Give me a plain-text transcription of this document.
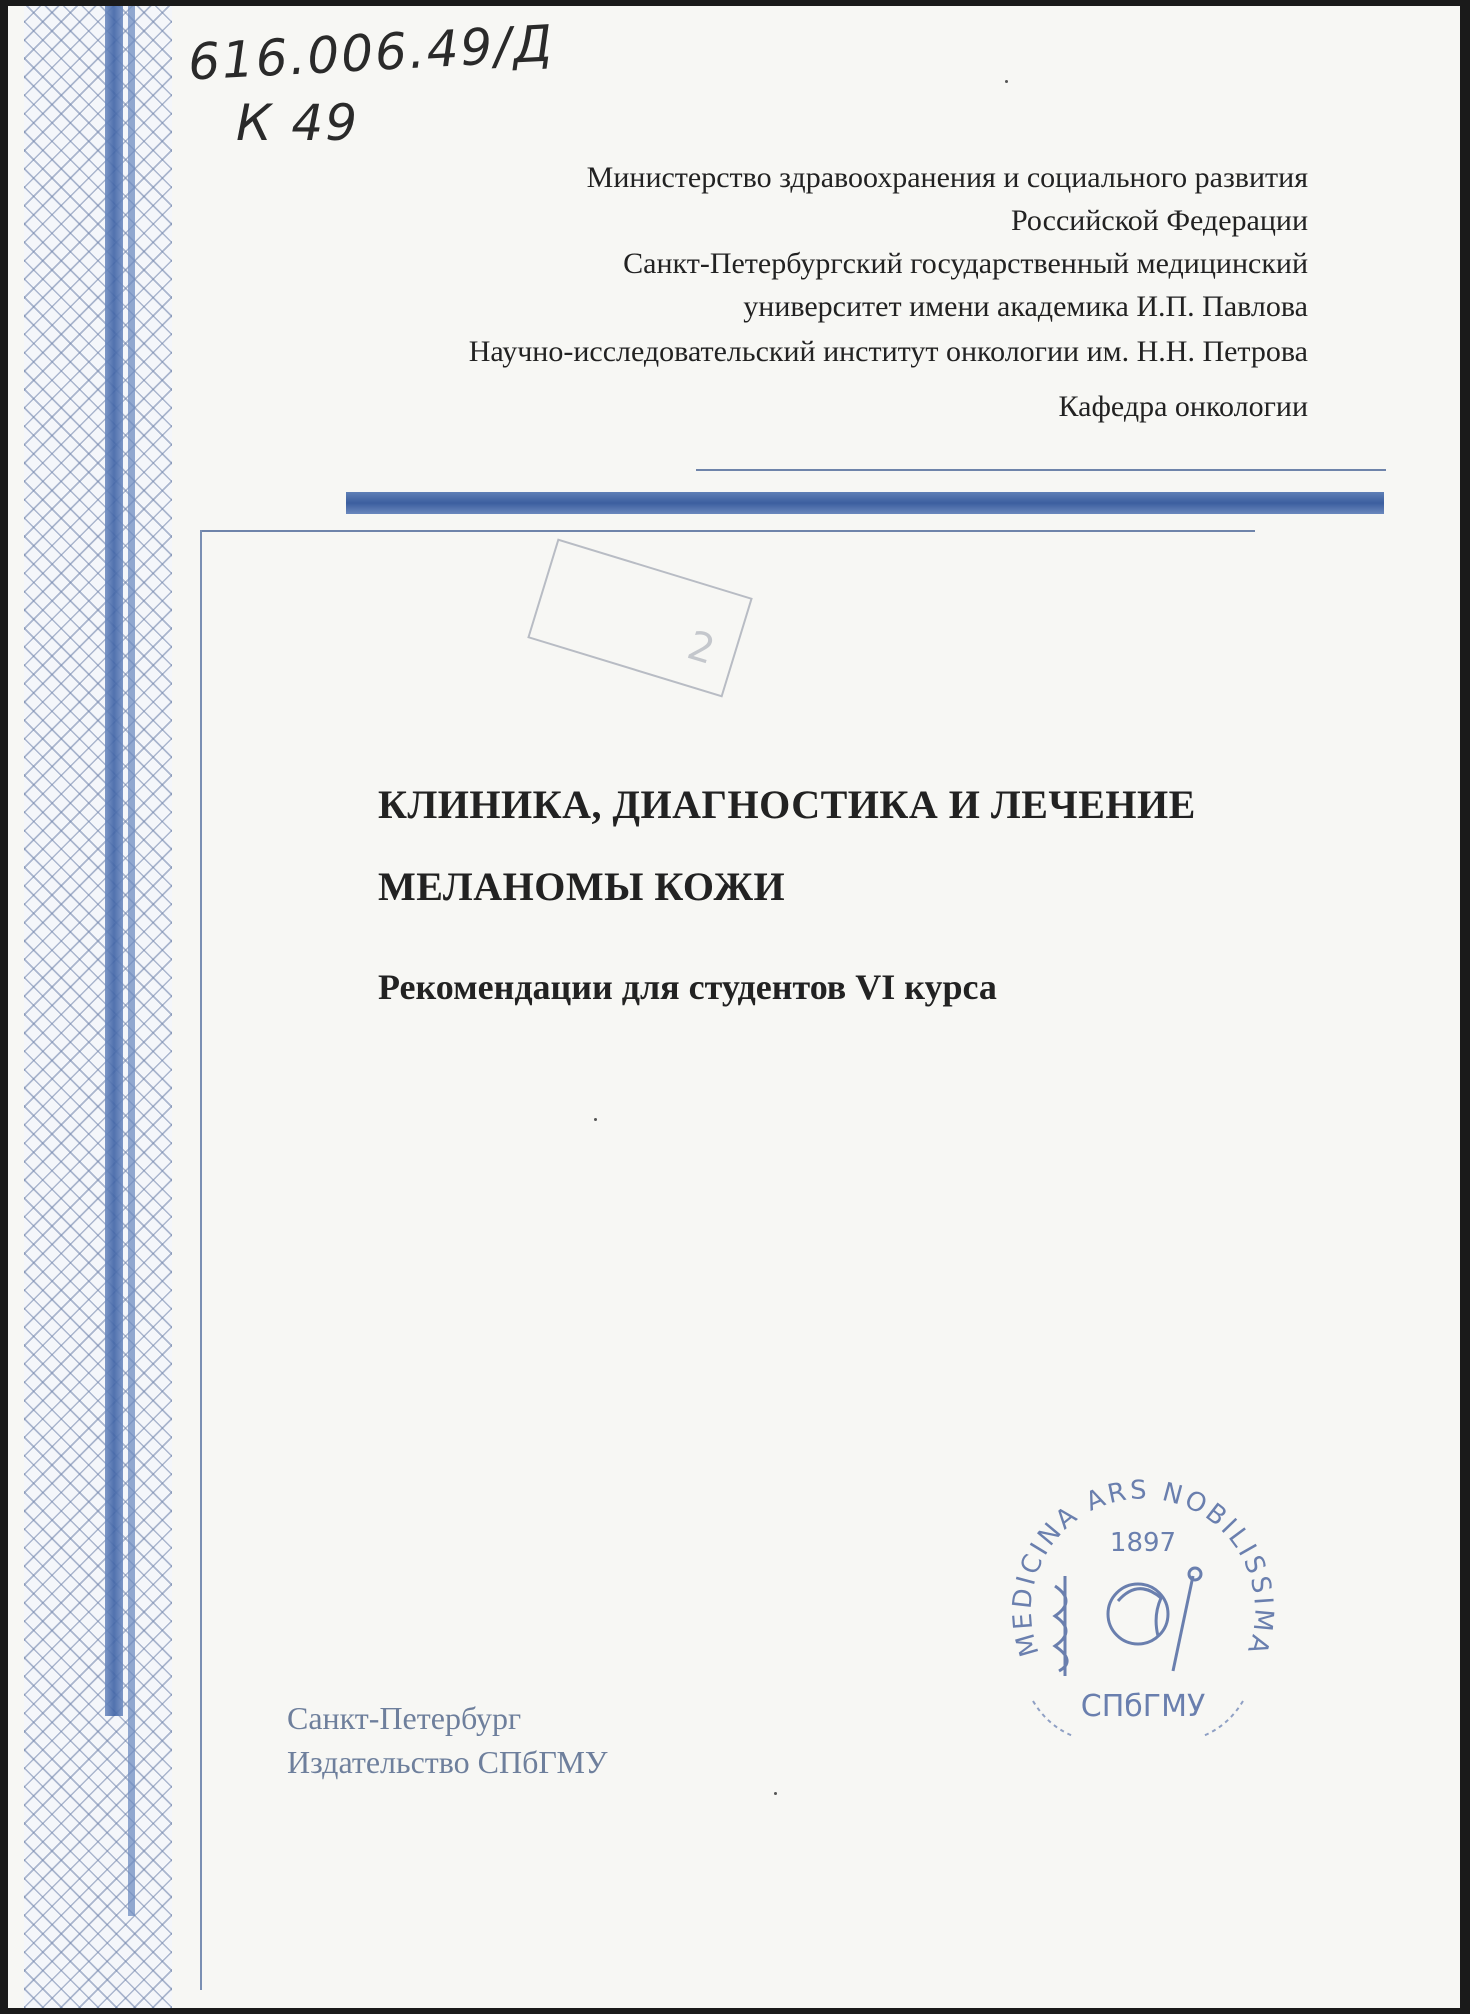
616.006.49/Д
К 49
Министерство здравоохранения и социального развития
Российской Федерации
Санкт-Петербургский государственный медицинский
университет имени академика И.П. Павлова
Научно-исследовательский институт онкологии им. Н.Н. Петрова
Кафедра онкологии
2
КЛИНИКА, ДИАГНОСТИКА И ЛЕЧЕНИЕ
МЕЛАНОМЫ КОЖИ
Рекомендации для студентов VI курса
MEDICINA ARS NOBILISSIMA
1897
СПбГМУ
Санкт-Петербург
Издательство СПбГМУ
